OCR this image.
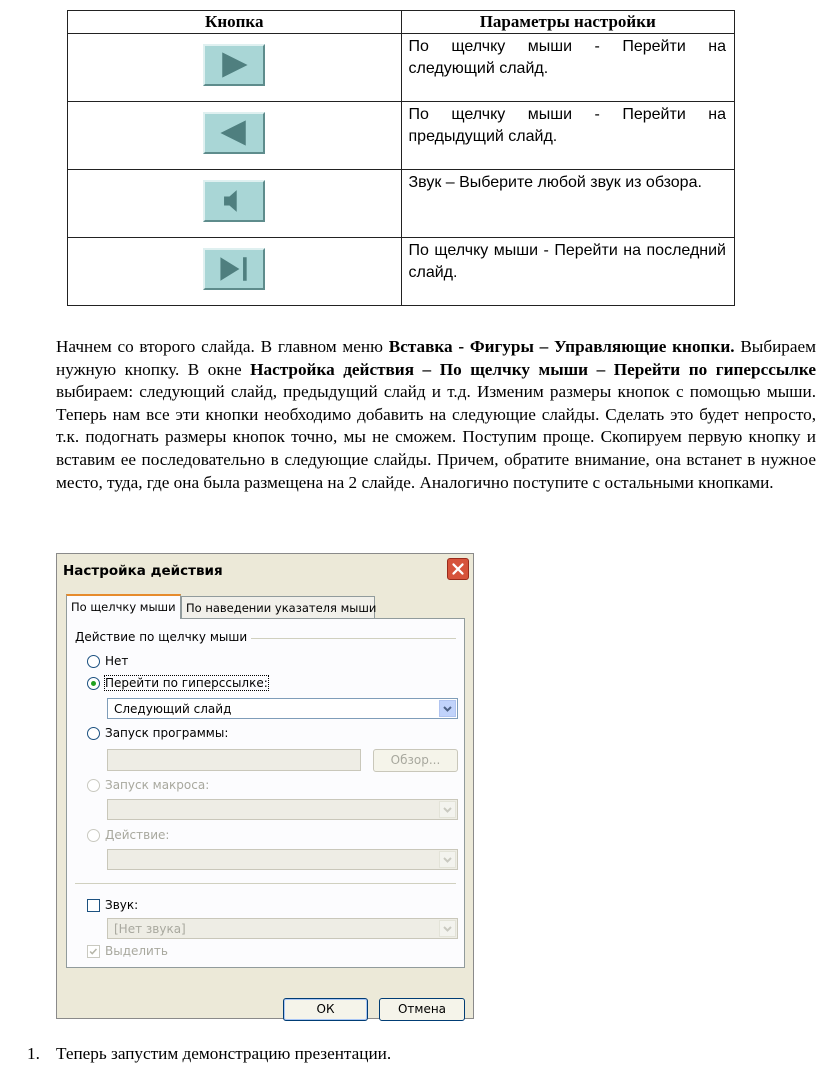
Кнопка	Параметры настройки

	По щелчку мыши - Перейти на следующий слайд.

	По щелчку мыши - Перейти на предыдущий слайд.

	Звук – Выберите любой звук из обзора.

	По щелчку мыши - Перейти на последний слайд.
Начнем со второго слайда. В главном меню Вставка - Фигуры – Управляющие кнопки. Выбираем нужную кнопку. В окне Настройка действия – По щелчку мыши – Перейти по гиперссылке выбираем: следующий слайд, предыдущий слайд и т.д. Изменим размеры кнопок с помощью мыши. Теперь нам все эти кнопки необходимо добавить на следующие слайды. Сделать это будет непросто, т.к. подогнать размеры кнопок точно, мы не сможем. Поступим проще. Скопируем первую кнопку и вставим ее последовательно в следующие слайды. Причем, обратите внимание, она встанет в нужное место, туда, где она была размещена на 2 слайде. Аналогично поступите с остальными кнопками.
Настройка действия
По щелчку мыши По наведении указателя мыши
Действие по щелчку мыши
Нет
Перейти по гиперссылке:
Следующий слайд
Запуск программы:
Обзор...
Запуск макроса:
Действие:
Звук:
[Нет звука]
Выделить
ОК	Отмена
1. Теперь запустим демонстрацию презентации.
